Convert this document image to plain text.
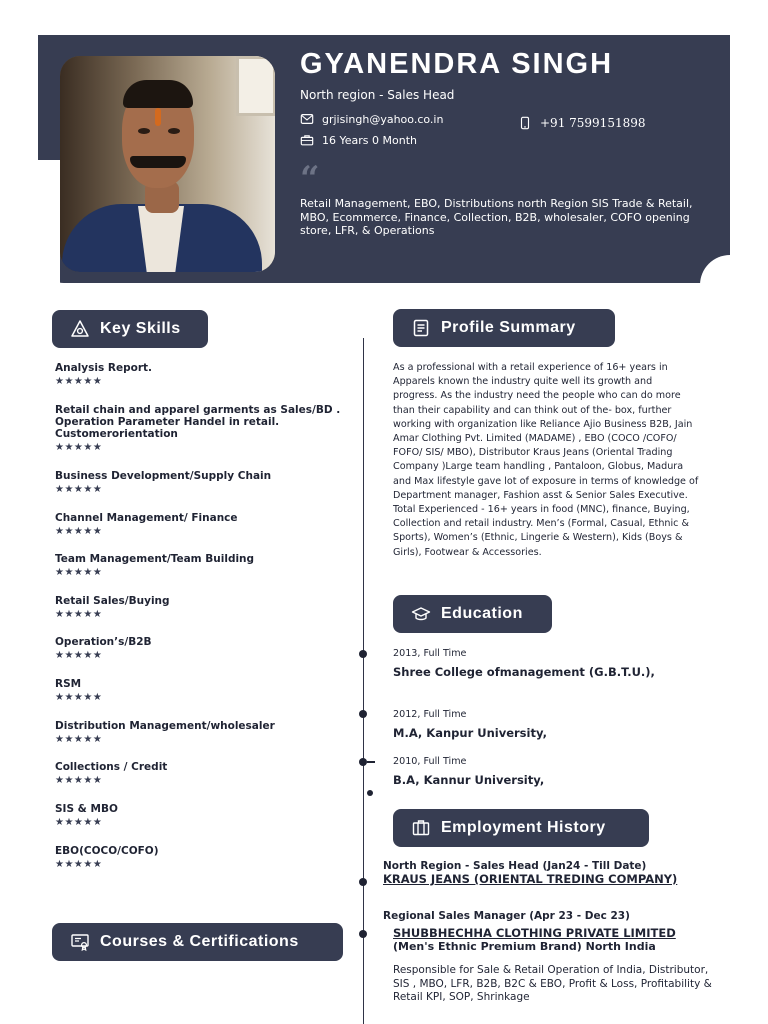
GYANENDRA SINGH
North region - Sales Head
grjisingh@yahoo.co.in
16 Years 0 Month
+91 7599151898
“
Retail Management, EBO, Distributions north Region SIS Trade & Retail, MBO, Ecommerce, Finance, Collection, B2B, wholesaler, COFO opening store, LFR, & Operations
Key Skills	Profile Summary
Education
Employment History
Courses & Certifications
Analysis Report.
★★★★★
Retail chain and apparel garments as Sales/BD . Operation Parameter Handel in retail. Customerorientation
★★★★★
Business Development/Supply Chain
★★★★★
Channel Management/ Finance
★★★★★
Team Management/Team Building
★★★★★
Retail Sales/Buying
★★★★★
Operation’s/B2B
★★★★★
RSM
★★★★★
Distribution Management/wholesaler
★★★★★
Collections / Credit
★★★★★
SIS & MBO
★★★★★
EBO(COCO/COFO)
★★★★★
As a professional with a retail experience of 16+ years in Apparels known the industry quite well its growth and progress. As the industry need the people who can do more than their capability and can think out of the- box, further working with organization like Reliance Ajio Business B2B, Jain Amar Clothing Pvt. Limited (MADAME) , EBO (COCO /COFO/ FOFO/ SIS/ MBO), Distributor Kraus Jeans (Oriental Trading Company )Large team handling , Pantaloon, Globus, Madura and Max lifestyle gave lot of exposure in terms of knowledge of Department manager, Fashion asst & Senior Sales Executive. Total Experienced - 16+ years in food (MNC), finance, Buying, Collection and retail industry. Men’s (Formal, Casual, Ethnic & Sports), Women’s (Ethnic, Lingerie & Western), Kids (Boys & Girls), Footwear & Accessories.
2013, Full Time
Shree College ofmanagement (G.B.T.U.),
2012, Full Time
M.A, Kanpur University,
2010, Full Time
B.A, Kannur University,
North Region - Sales Head (Jan24 - Till Date)
KRAUS JEANS (ORIENTAL TREDING COMPANY)
Regional Sales Manager (Apr 23 - Dec 23)
SHUBBHECHHA CLOTHING PRIVATE LIMITED
(Men's Ethnic Premium Brand) North India
Responsible for Sale & Retail Operation of India, Distributor, SIS , MBO, LFR, B2B, B2C & EBO, Profit & Loss, Profitability & Retail KPI, SOP, Shrinkage
